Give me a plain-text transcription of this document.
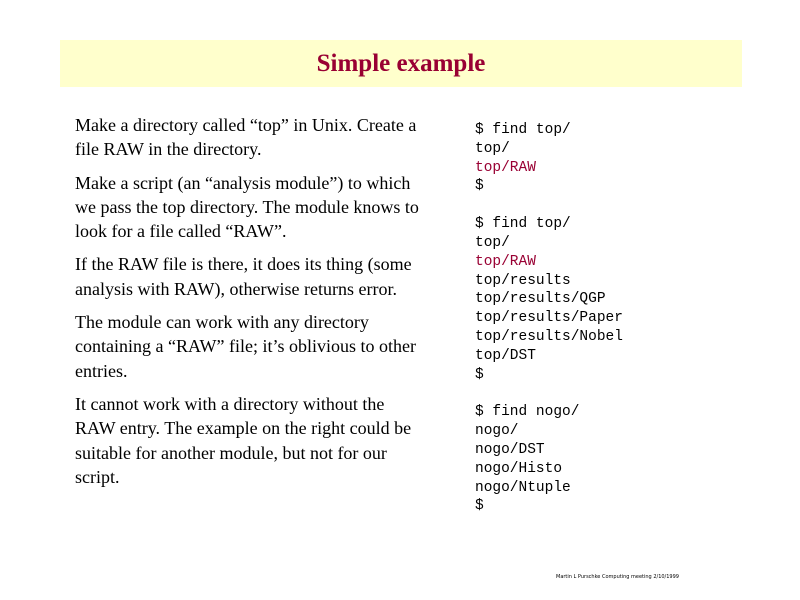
Simple example

Make a directory called “top” in Unix. Create a file RAW in the directory.

Make a script (an “analysis module”) to which we pass the top directory. The module knows to look for a file called “RAW”.

If the RAW file is there, it does its thing (some analysis with RAW), otherwise returns error.

The module can work with any directory containing a “RAW” file; it’s oblivious to other entries.

It cannot work with a directory without the RAW entry. The example on the right could be suitable for another module, but not for our script.

$ find top/
top/
top/RAW
$
$ find top/
top/
top/RAW
top/results
top/results/QGP
top/results/Paper
top/results/Nobel
top/DST
$
$ find nogo/
nogo/
nogo/DST
nogo/Histo
nogo/Ntuple
$
Martin L Purschke Computing meeting 2/10/1999
